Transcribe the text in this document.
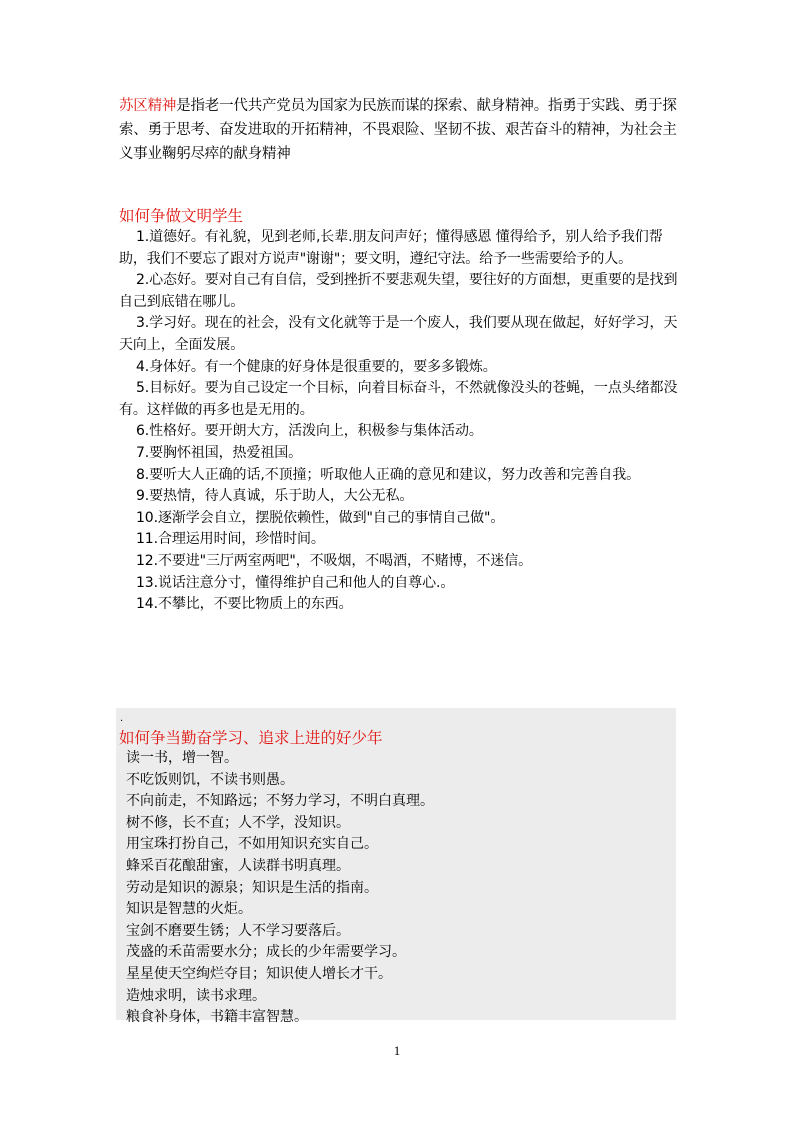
苏区精神是指老一代共产党员为国家为民族而谋的探索、献身精神。指勇于实践、勇于探索、勇于思考、奋发进取的开拓精神，不畏艰险、坚韧不拔、艰苦奋斗的精神，为社会主义事业鞠躬尽瘁的献身精神
如何争做文明学生

1.道德好。有礼貌，见到老师,长辈.朋友问声好；懂得感恩 懂得给予，别人给予我们帮助，我们不要忘了跟对方说声"谢谢"；要文明，遵纪守法。给予一些需要给予的人。

2.心态好。要对自己有自信，受到挫折不要悲观失望，要往好的方面想，更重要的是找到自己到底错在哪儿。

3.学习好。现在的社会，没有文化就等于是一个废人，我们要从现在做起，好好学习，天天向上，全面发展。

4.身体好。有一个健康的好身体是很重要的，要多多锻炼。

5.目标好。要为自己设定一个目标，向着目标奋斗，不然就像没头的苍蝇，一点头绪都没有。这样做的再多也是无用的。

6.性格好。要开朗大方，活泼向上，积极参与集体活动。

7.要胸怀祖国，热爱祖国。

8.要听大人正确的话,不顶撞；听取他人正确的意见和建议，努力改善和完善自我。

9.要热情，待人真诚，乐于助人，大公无私。

10.逐渐学会自立，摆脱依赖性，做到"自己的事情自己做"。

11.合理运用时间，珍惜时间。

12.不要进"三厅两室两吧"，不吸烟，不喝酒，不赌博，不迷信。

13.说话注意分寸，懂得维护自己和他人的自尊心.。

14.不攀比，不要比物质上的东西。

.
如何争当勤奋学习、追求上进的好少年

读一书，增一智。

不吃饭则饥，不读书则愚。

不向前走，不知路远；不努力学习，不明白真理。

树不修，长不直；人不学，没知识。

用宝珠打扮自己，不如用知识充实自己。

蜂采百花酿甜蜜，人读群书明真理。

劳动是知识的源泉；知识是生活的指南。

知识是智慧的火炬。

宝剑不磨要生锈；人不学习要落后。

茂盛的禾苗需要水分；成长的少年需要学习。

星星使天空绚烂夺目；知识使人增长才干。

造烛求明，读书求理。

粮食补身体，书籍丰富智慧。

1
